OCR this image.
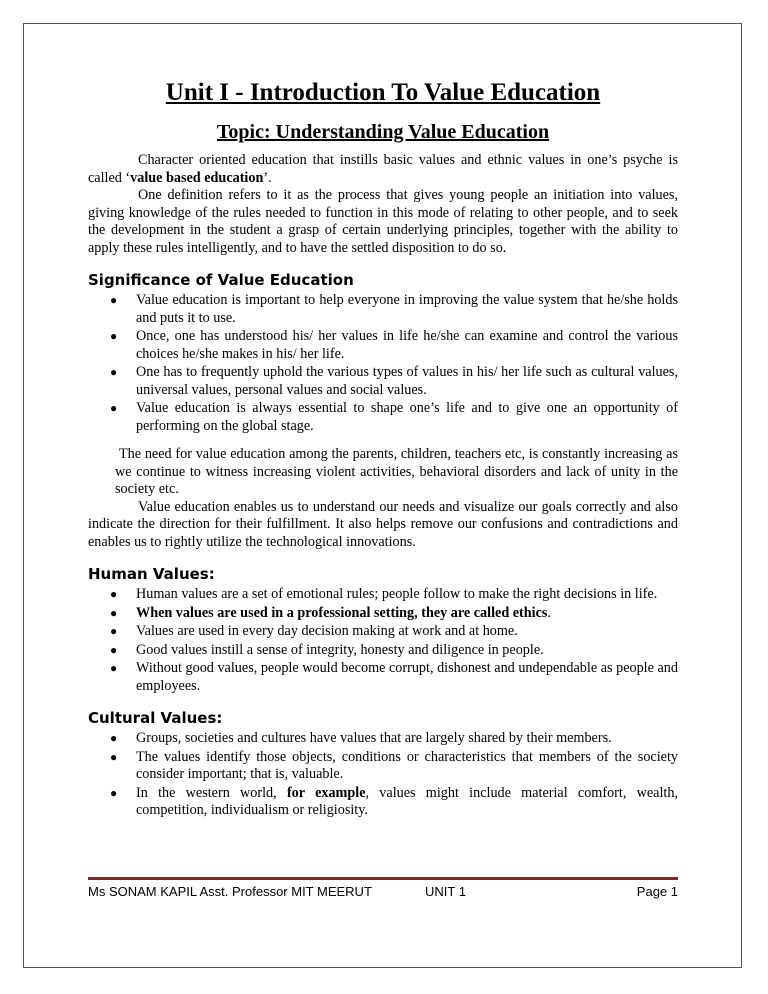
Unit I - Introduction To Value Education
Topic: Understanding Value Education

Character oriented education that instills basic values and ethnic values in one’s psyche is called ‘value based education’.

One definition refers to it as the process that gives young people an initiation into values, giving knowledge of the rules needed to function in this mode of relating to other people, and to seek the development in the student a grasp of certain underlying principles, together with the ability to apply these rules intelligently, and to have the settled disposition to do so.

Significance of Value Education
● Value education is important to help everyone in improving the value system that he/she holds and puts it to use.
● Once, one has understood his/ her values in life he/she can examine and control the various choices he/she makes in his/ her life.
● One has to frequently uphold the various types of values in his/ her life such as cultural values, universal values, personal values and social values.
● Value education is always essential to shape one’s life and to give one an opportunity of performing on the global stage.

The need for value education among the parents, children, teachers etc, is constantly increasing as we continue to witness increasing violent activities, behavioral disorders and lack of unity in the society etc.

Value education enables us to understand our needs and visualize our goals correctly and also indicate the direction for their fulfillment. It also helps remove our confusions and contradictions and enables us to rightly utilize the technological innovations.

Human Values:
● Human values are a set of emotional rules; people follow to make the right decisions in life.
● When values are used in a professional setting, they are called ethics.
● Values are used in every day decision making at work and at home.
● Good values instill a sense of integrity, honesty and diligence in people.
● Without good values, people would become corrupt, dishonest and undependable as people and employees.
Cultural Values:
● Groups, societies and cultures have values that are largely shared by their members.
● The values identify those objects, conditions or characteristics that members of the society consider important; that is, valuable.
● In the western world, for example, values might include material comfort, wealth, competition, individualism or religiosity.
Ms SONAM KAPIL Asst. Professor MIT MEERUT	UNIT 1	Page 1
